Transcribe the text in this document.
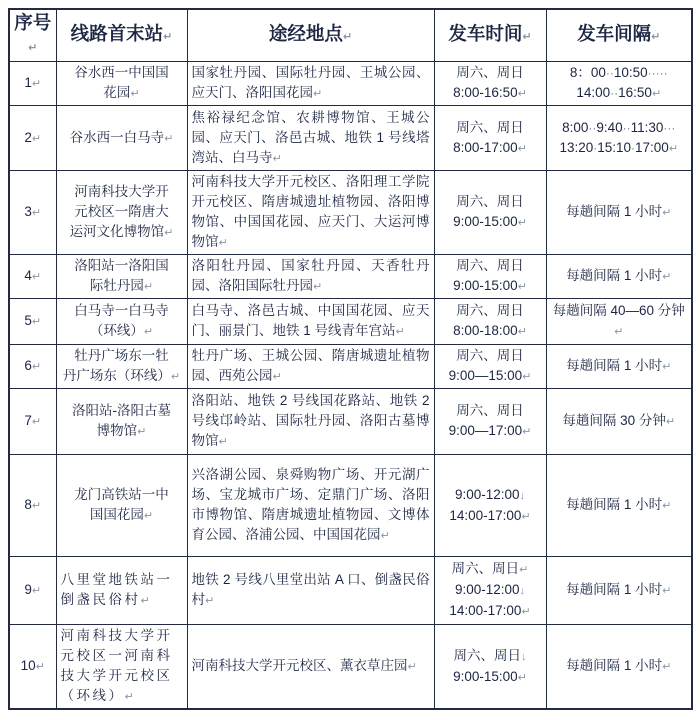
序号↵	线路首末站↵	途经地点↵	发车时间↵	发车间隔↵
1↵	谷水西一中国国
花园↵	国家牡丹园、国际牡丹园、王城公园、应天门、洛阳国花园↵	周六、周日
8:00-16:50↵	8：00··10:50·····
14:00··16:50↵
2↵	谷水西一白马寺↵	焦裕禄纪念馆、农耕博物馆、王城公园、应天门、洛邑古城、地铁 1 号线塔湾站、白马寺↵	周六、周日
8:00-17:00↵	8:00··9:40··11:30···
13:20·15:10·17:00↵
3↵	河南科技大学开
元校区一隋唐大
运河文化博物馆↵	河南科技大学开元校区、洛阳理工学院开元校区、隋唐城遗址植物园、洛阳博物馆、中国国花园、应天门、大运河博物馆↵	周六、周日
9:00-15:00↵	每趟间隔 1 小时↵
4↵	洛阳站一洛阳国
际牡丹园↵	洛阳牡丹园、国家牡丹园、天香牡丹园、洛阳国际牡丹园↵	周六、周日
9:00-15:00↵	每趟间隔 1 小时↵
5↵	白马寺一白马寺
（环线）↵	白马寺、洛邑古城、中国国花园、应天门、丽景门、地铁 1 号线青年宫站↵	周六、周日
8:00-18:00↵	每趟间隔 40—60 分钟↵
6↵	牡丹广场东一牡
丹广场东（环线）↵	牡丹广场、王城公园、隋唐城遗址植物园、西苑公园↵	周六、周日
9:00—15:00↵	每趟间隔 1 小时↵
7↵	洛阳站-洛阳古墓
博物馆↵	洛阳站、地铁 2 号线国花路站、地铁 2 号线邙岭站、国际牡丹园、洛阳古墓博物馆↵	周六、周日
9:00—17:00↵	每趟间隔 30 分钟↵
8↵	龙门高铁站一中
国国花园↵	兴洛湖公园、泉舜购物广场、开元湖广场、宝龙城市广场、定鼎门广场、洛阳市博物馆、隋唐城遗址植物园、文博体育公园、洛浦公园、中国国花园↵	9:00-12:00↓
14:00-17:00↵	每趟间隔 1 小时↵
9↵	八里堂地铁站一
倒盏民俗村↵	地铁 2 号线八里堂出站 A 口、倒盏民俗村↵	周六、周日↵
9:00-12:00↓
14:00-17:00↵	每趟间隔 1 小时↵
10↵	河南科技大学开
元校区一河南科
技大学开元校区
（环线）↵	河南科技大学开元校区、薰衣草庄园↵	周六、周日↓
9:00-15:00↵	每趟间隔 1 小时↵
